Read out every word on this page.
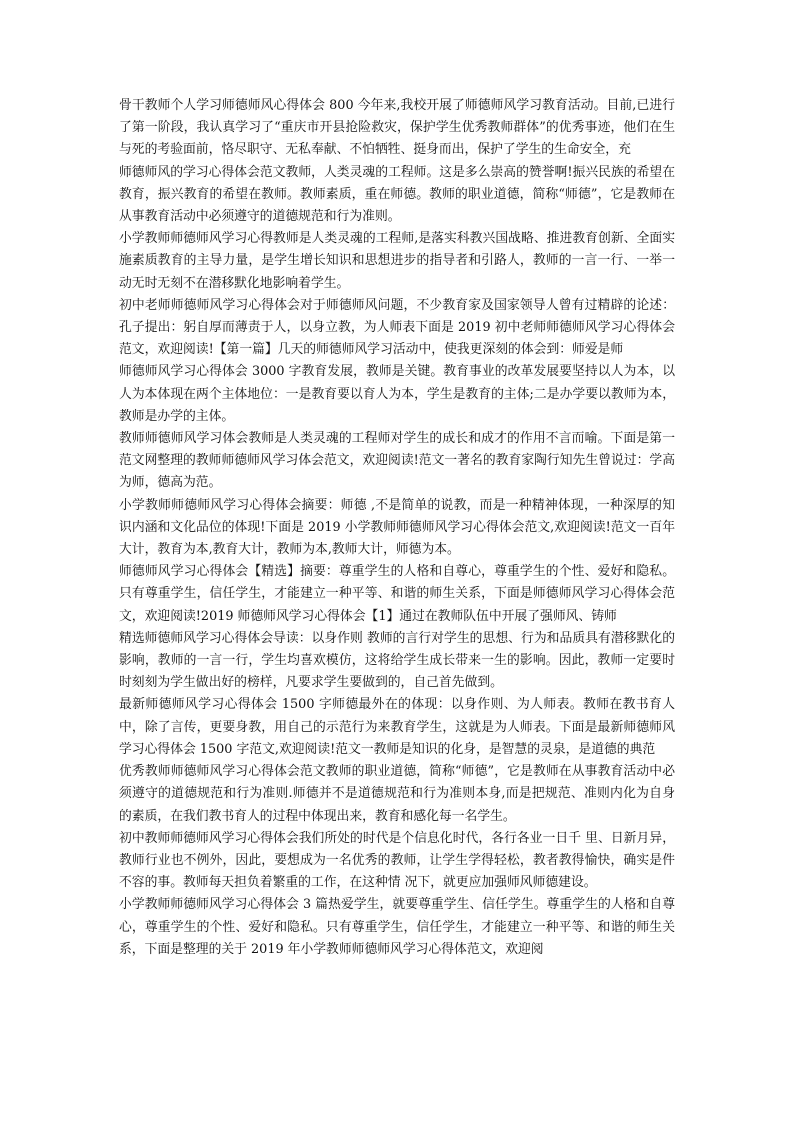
骨干教师个人学习师德师风心得体会 800 今年来,我校开展了师德师风学习教育活动。目前,已进行了第一阶段，我认真学习了“重庆市开县抢险救灾，保护学生优秀教师群体”的优秀事迹，他们在生与死的考验面前，恪尽职守、无私奉献、不怕牺牲、挺身而出，保护了学生的生命安全，充

师德师风的学习心得体会范文教师，人类灵魂的工程师。这是多么崇高的赞誉啊!振兴民族的希望在教育，振兴教育的希望在教师。教师素质，重在师德。教师的职业道德，简称“师德”，它是教师在从事教育活动中必须遵守的道德规范和行为准则。

小学教师师德师风学习心得教师是人类灵魂的工程师,是落实科教兴国战略、推进教育创新、全面实施素质教育的主导力量，是学生增长知识和思想进步的指导者和引路人，教师的一言一行、一举一动无时无刻不在潜移默化地影响着学生。

初中老师师德师风学习心得体会对于师德师风问题，不少教育家及国家领导人曾有过精辟的论述：孔子提出：躬自厚而薄责于人，以身立教，为人师表下面是 2019 初中老师师德师风学习心得体会范文，欢迎阅读!【第一篇】几天的师德师风学习活动中，使我更深刻的体会到：师爱是师

师德师风学习心得体会 3000 字教育发展，教师是关键。教育事业的改革发展要坚持以人为本，以人为本体现在两个主体地位：一是教育要以育人为本，学生是教育的主体;二是办学要以教师为本，教师是办学的主体。

教师师德师风学习体会教师是人类灵魂的工程师对学生的成长和成才的作用不言而喻。下面是第一范文网整理的教师师德师风学习体会范文，欢迎阅读!范文一著名的教育家陶行知先生曾说过：学高为师，德高为范。

小学教师师德师风学习心得体会摘要：师德 ,不是简单的说教，而是一种精神体现，一种深厚的知识内涵和文化品位的体现!下面是 2019 小学教师师德师风学习心得体会范文,欢迎阅读!范文一百年大计，教育为本,教育大计，教师为本,教师大计，师德为本。

师德师风学习心得体会【精选】摘要：尊重学生的人格和自尊心，尊重学生的个性、爱好和隐私。只有尊重学生，信任学生，才能建立一种平等、和谐的师生关系，下面是师德师风学习心得体会范文，欢迎阅读!2019 师德师风学习心得体会【1】通过在教师队伍中开展了强师风、铸师

精选师德师风学习心得体会导读：以身作则 教师的言行对学生的思想、行为和品质具有潜移默化的影响，教师的一言一行，学生均喜欢模仿，这将给学生成长带来一生的影响。因此，教师一定要时时刻刻为学生做出好的榜样，凡要求学生要做到的，自己首先做到。

最新师德师风学习心得体会 1500 字师德最外在的体现：以身作则、为人师表。教师在教书育人中，除了言传，更要身教，用自己的示范行为来教育学生，这就是为人师表。下面是最新师德师风学习心得体会 1500 字范文,欢迎阅读!范文一教师是知识的化身，是智慧的灵泉，是道德的典范

优秀教师师德师风学习心得体会范文教师的职业道德，简称“师德”，它是教师在从事教育活动中必须遵守的道德规范和行为准则.师德并不是道德规范和行为准则本身,而是把规范、准则内化为自身的素质，在我们教书育人的过程中体现出来，教育和感化每一名学生。

初中教师师德师风学习心得体会我们所处的时代是个信息化时代，各行各业一日千 里、日新月异，教师行业也不例外，因此，要想成为一名优秀的教师，让学生学得轻松，教者教得愉快，确实是件不容的事。教师每天担负着繁重的工作，在这种情 况下，就更应加强师风师德建设。

小学教师师德师风学习心得体会 3 篇热爱学生，就要尊重学生、信任学生。尊重学生的人格和自尊心，尊重学生的个性、爱好和隐私。只有尊重学生，信任学生，才能建立一种平等、和谐的师生关系，下面是整理的关于 2019 年小学教师师德师风学习心得体范文，欢迎阅
